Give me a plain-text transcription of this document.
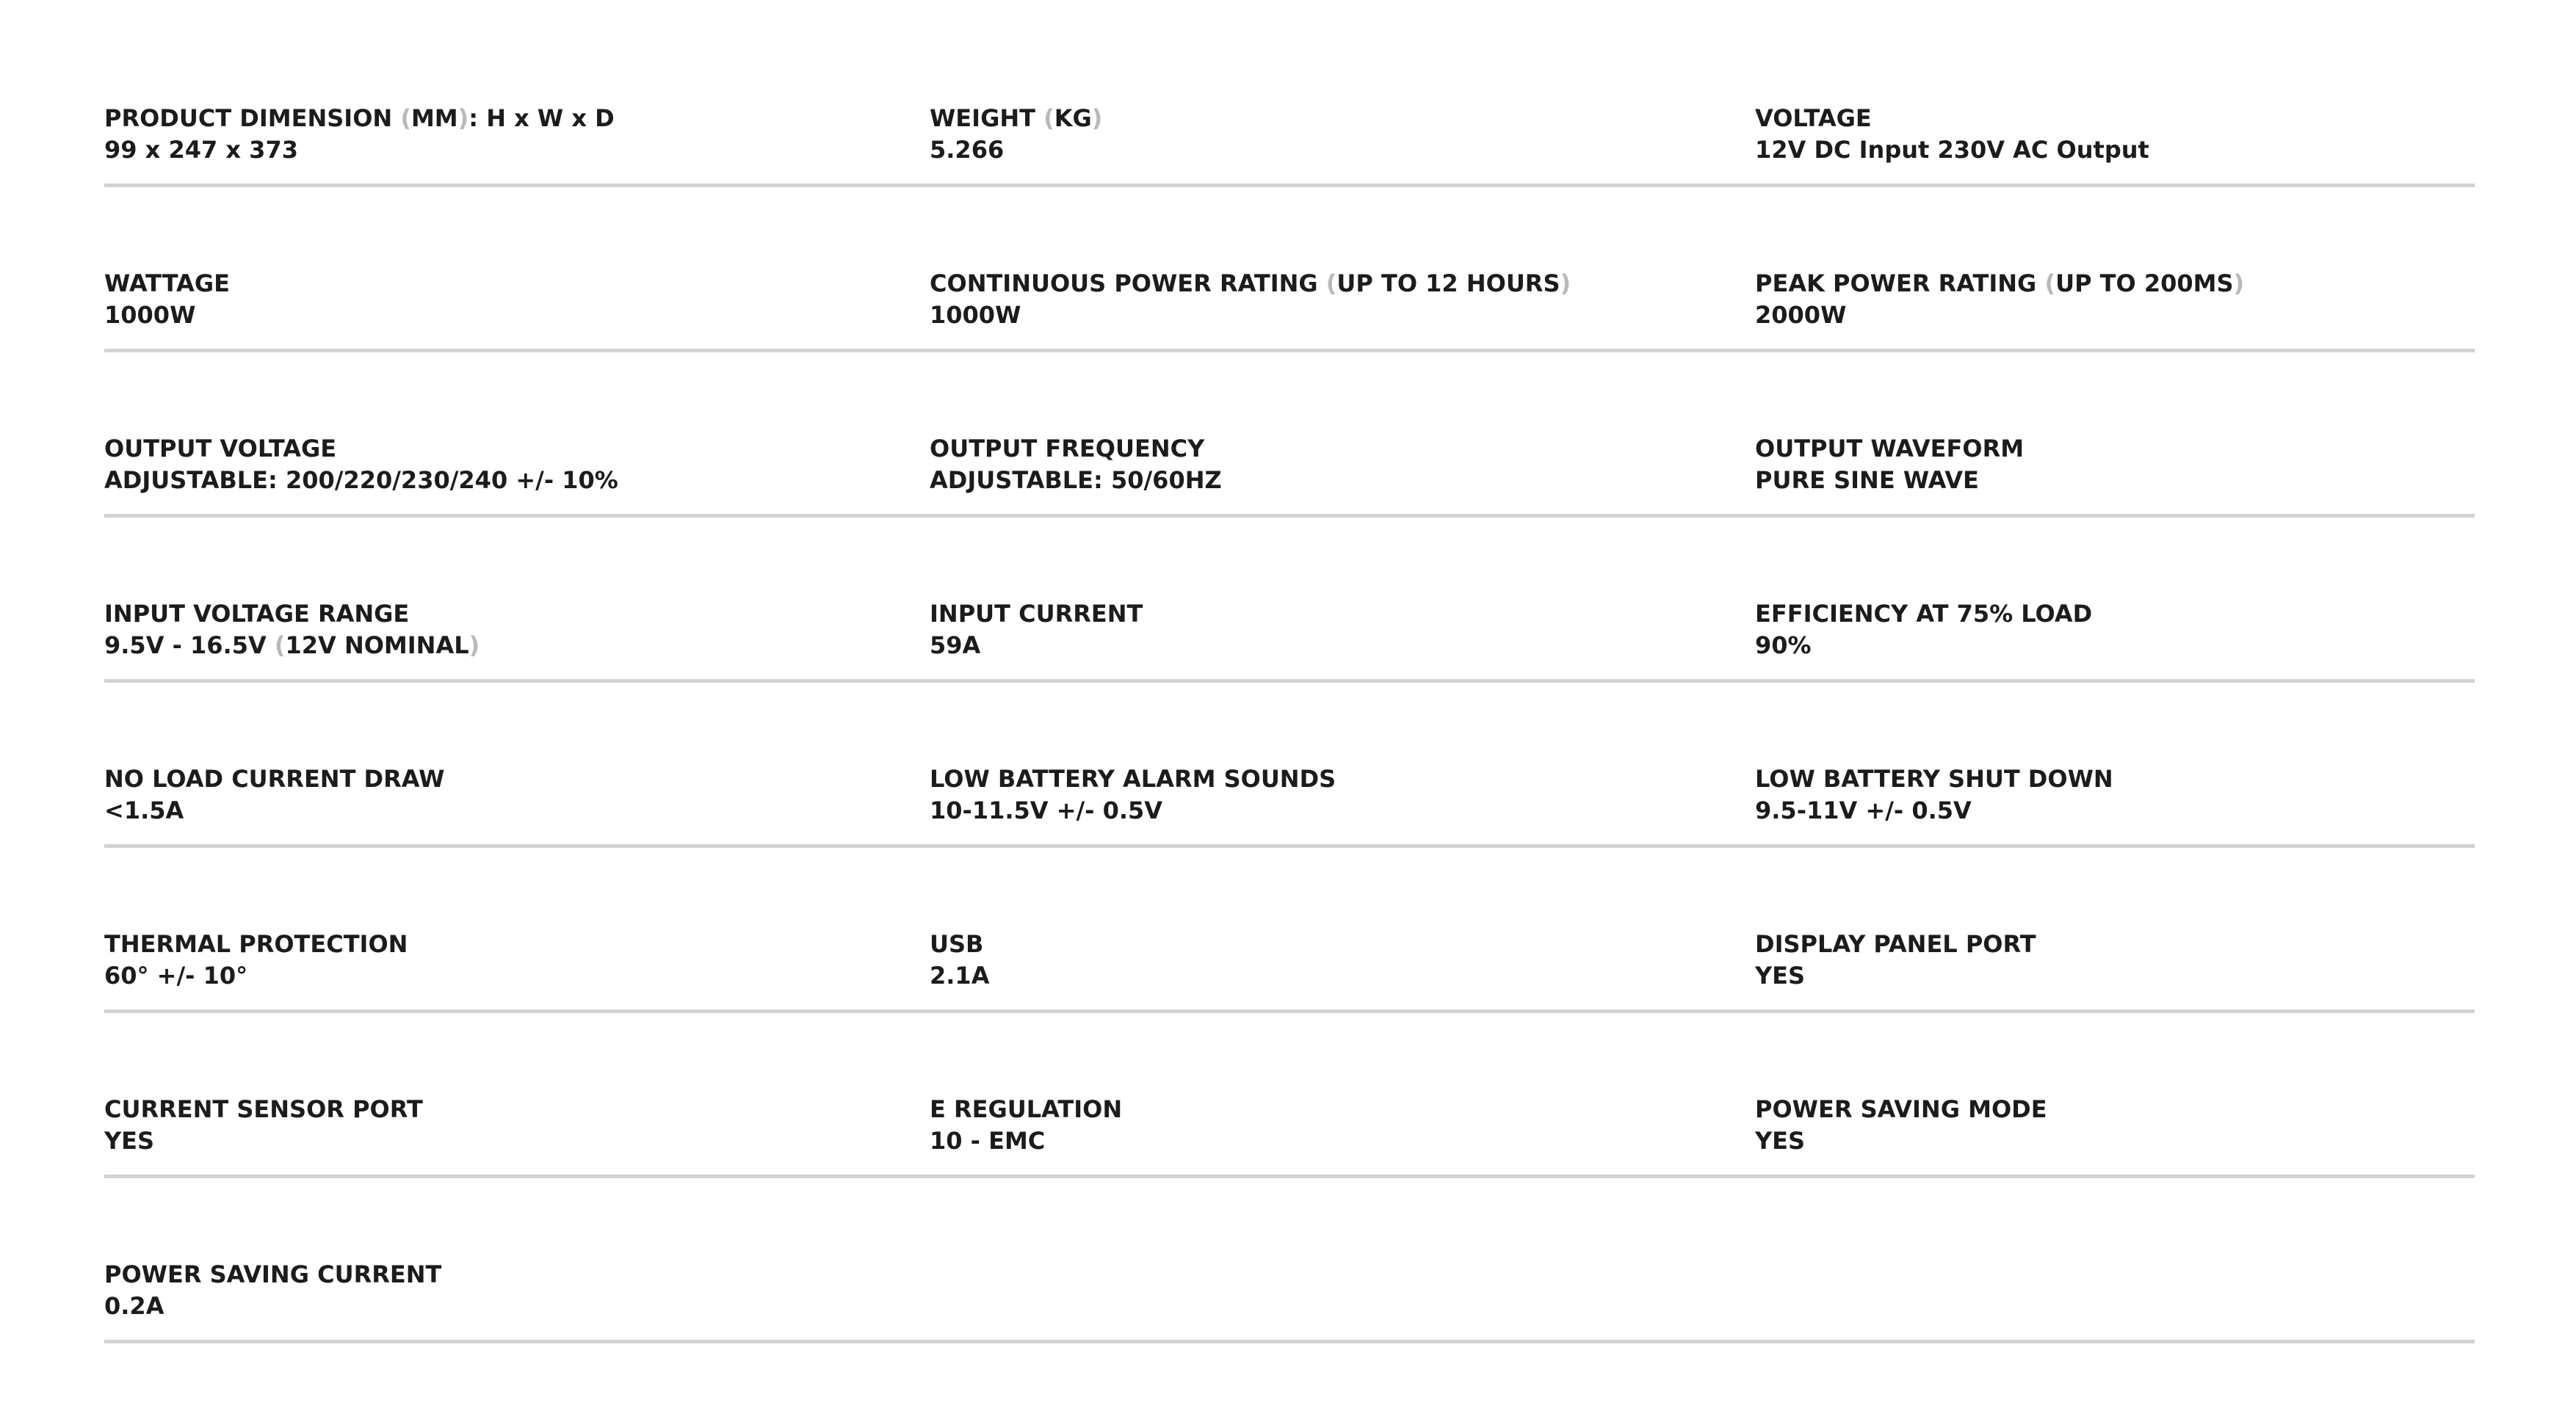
PRODUCT DIMENSION (MM): H x W x D
99 x 247 x 373
WEIGHT (KG)
5.266
VOLTAGE
12V DC Input 230V AC Output
WATTAGE
1000W
CONTINUOUS POWER RATING (UP TO 12 HOURS)
1000W
PEAK POWER RATING (UP TO 200MS)
2000W
OUTPUT VOLTAGE
ADJUSTABLE: 200/220/230/240 +/- 10%
OUTPUT FREQUENCY
ADJUSTABLE: 50/60HZ
OUTPUT WAVEFORM
PURE SINE WAVE
INPUT VOLTAGE RANGE
9.5V - 16.5V (12V NOMINAL)
INPUT CURRENT
59A
EFFICIENCY AT 75% LOAD
90%
NO LOAD CURRENT DRAW
<1.5A
LOW BATTERY ALARM SOUNDS
10-11.5V +/- 0.5V
LOW BATTERY SHUT DOWN
9.5-11V +/- 0.5V
THERMAL PROTECTION
60° +/- 10°
USB
2.1A
DISPLAY PANEL PORT
YES
CURRENT SENSOR PORT
YES
E REGULATION
10 - EMC
POWER SAVING MODE
YES
POWER SAVING CURRENT
0.2A
